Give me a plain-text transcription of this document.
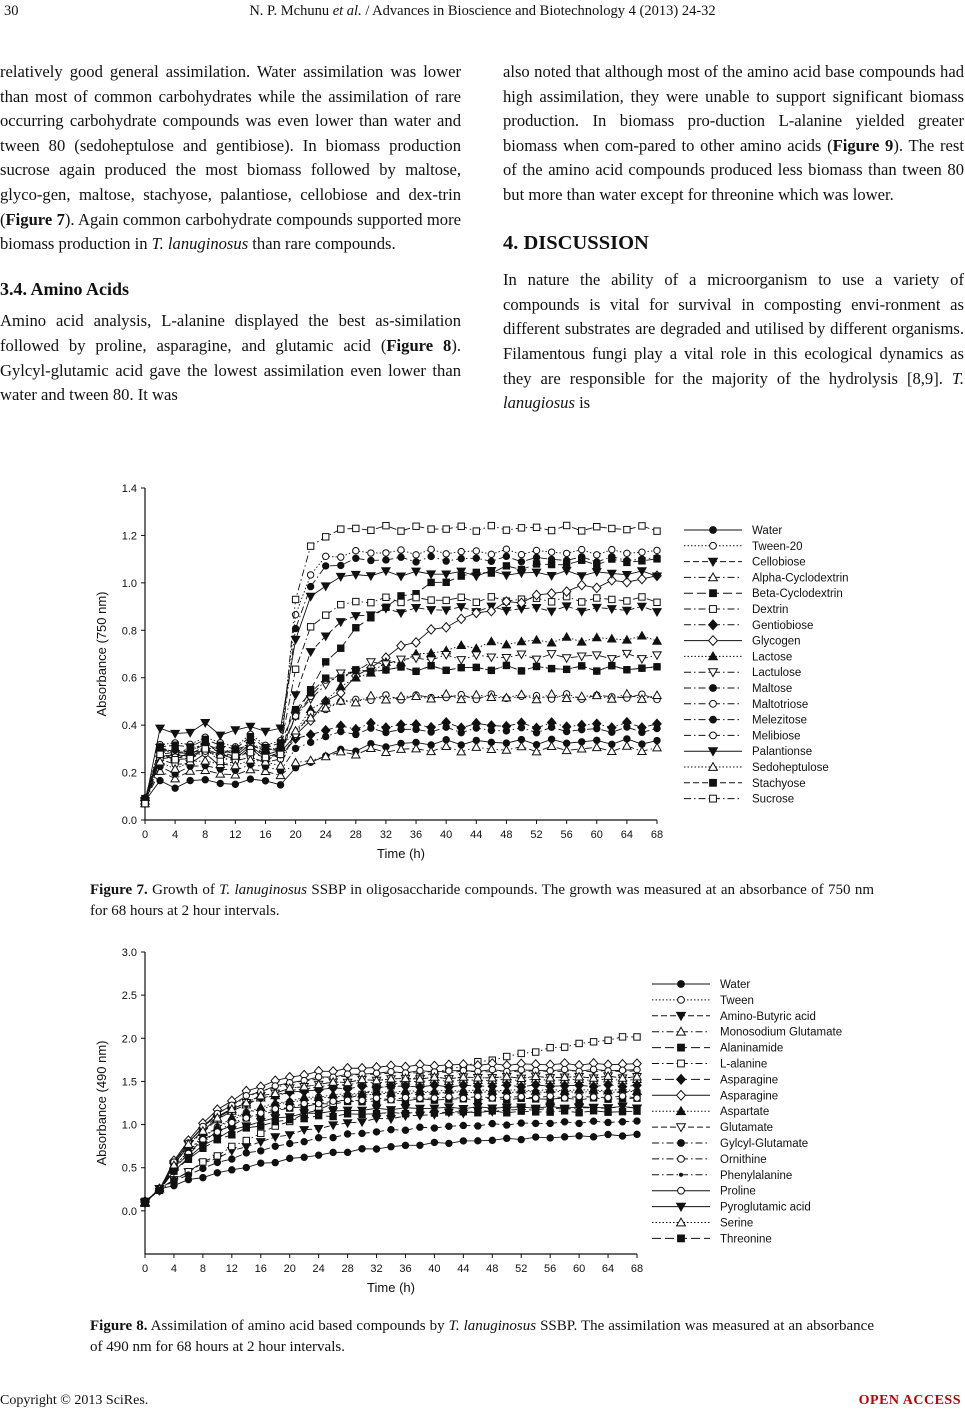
30	N. P. Mchunu et al. / Advances in Bioscience and Biotechnology 4 (2013) 24-32

relatively good general assimilation. Water assimilation was lower than most of common carbohydrates while the assimilation of rare occurring carbohydrate compounds was even lower than water and tween 80 (sedoheptulose and gentibiose). In biomass production sucrose again produced the most biomass followed by maltose, glyco-gen, maltose, stachyose, palantiose, cellobiose and dex-trin (Figure 7). Again common carbohydrate compounds supported more biomass production in T. lanuginosus than rare compounds.

3.4. Amino Acids

Amino acid analysis, L-alanine displayed the best as-similation followed by proline, asparagine, and glutamic acid (Figure 8). Gylcyl-glutamic acid gave the lowest assimilation even lower than water and tween 80. It was

also noted that although most of the amino acid base compounds had high assimilation, they were unable to support significant biomass production. In biomass pro-duction L-alanine yielded greater biomass when com-pared to other amino acids (Figure 9). The rest of the amino acid compounds produced less biomass than tween 80 but more than water except for threonine which was lower.

4. DISCUSSION

In nature the ability of a microorganism to use a variety of compounds is vital for survival in composting envi-ronment as different substrates are degraded and utilised by different organisms. Filamentous fungi play a vital role in this ecological dynamics as they are responsible for the majority of the hydrolysis [8,9]. T. lanugiosus is

0.0
0.2
0.4
0.6
0.8
1.0
1.2
1.4
0 4 8 12 16 20 24 28 32 36 40 44 48 52 56 60 64 68
Time (h)
Absorbance (750 nm)
Water
Tween-20
Cellobiose
Alpha-Cyclodextrin
Beta-Cyclodextrin
Dextrin
Gentiobiose
Glycogen
Lactose
Lactulose
Maltose
Maltotriose
Melezitose
Melibiose
Palantionse
Sedoheptulose
Stachyose
Sucrose
Figure 7. Growth of T. lanuginosus SSBP in oligosaccharide compounds. The growth was measured at an absorbance of 750 nm for 68 hours at 2 hour intervals.
0.0
0.5
1.0
1.5
2.0
2.5
3.0
0 4 8 12 16 20 24 28 32 36 40 44 48 52 56 60 64 68
Time (h)
Absorbance (490 nm)
Water
Tween
Amino-Butyric acid
Monosodium Glutamate
Alaninamide
L-alanine
Asparagine
Asparagine
Aspartate
Glutamate
Gylcyl-Glutamate
Ornithine
Phenylalanine
Proline
Pyroglutamic acid
Serine
Threonine
Figure 8. Assimilation of amino acid based compounds by T. lanuginosus SSBP. The assimilation was measured at an absorbance of 490 nm for 68 hours at 2 hour intervals.
Copyright © 2013 SciRes.	OPEN ACCESS
